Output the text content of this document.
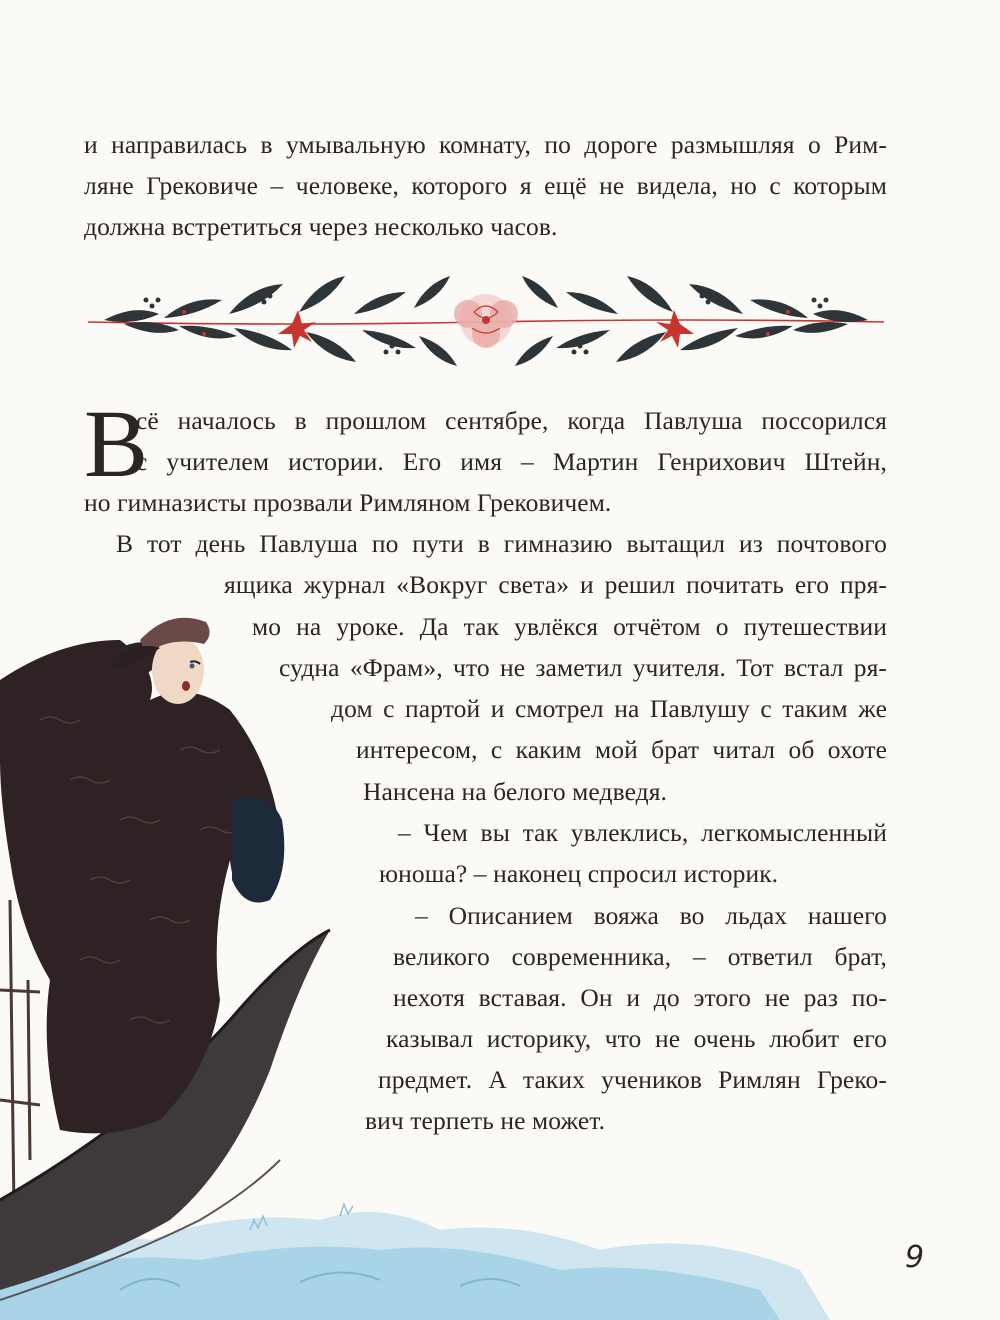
и направилась в умывальную комнату, по дороге размышляя о Рим-
ляне Грековиче – человеке, которого я ещё не видела, но с которым
должна встретиться через несколько часов.
В
сё началось в прошлом сентябре, когда Павлуша поссорился
с учителем истории. Его имя – Мартин Генрихович Штейн,
но гимназисты прозвали Римляном Грековичем.
В тот день Павлуша по пути в гимназию вытащил из почтового
ящика журнал «Вокруг света» и решил почитать его пря-
мо на уроке. Да так увлёкся отчётом о путешествии
судна «Фрам», что не заметил учителя. Тот встал ря-
дом с партой и смотрел на Павлушу с таким же
интересом, с каким мой брат читал об охоте
Нансена на белого медведя.
– Чем вы так увлеклись, легкомысленный
юноша? – наконец спросил историк.
– Описанием вояжа во льдах нашего
великого современника, – ответил брат,
нехотя вставая. Он и до этого не раз по-
казывал историку, что не очень любит его
предмет. А таких учеников Римлян Греко-
вич терпеть не может.
9
